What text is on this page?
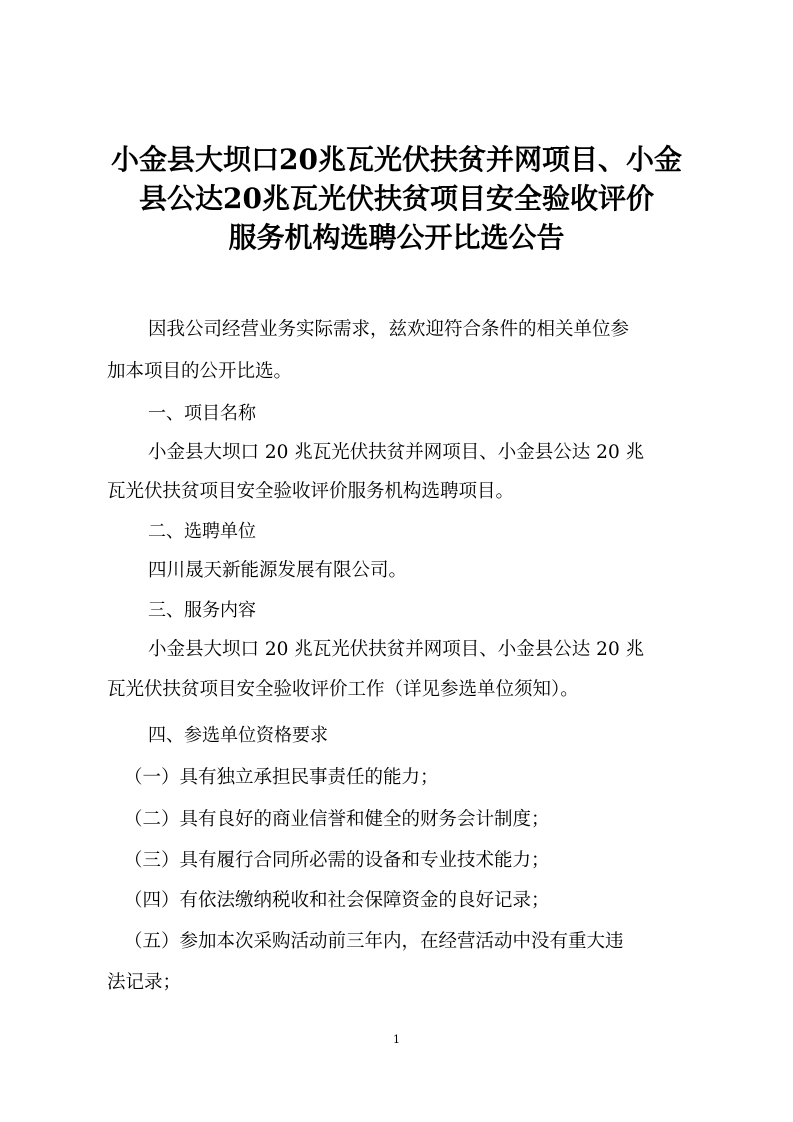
小金县大坝口20兆瓦光伏扶贫并网项目、小金
县公达20兆瓦光伏扶贫项目安全验收评价
服务机构选聘公开比选公告
因我公司经营业务实际需求，兹欢迎符合条件的相关单位参
加本项目的公开比选。
一、项目名称
小金县大坝口 20 兆瓦光伏扶贫并网项目、小金县公达 20 兆
瓦光伏扶贫项目安全验收评价服务机构选聘项目。
二、选聘单位
四川晟天新能源发展有限公司。
三、服务内容
小金县大坝口 20 兆瓦光伏扶贫并网项目、小金县公达 20 兆
瓦光伏扶贫项目安全验收评价工作（详见参选单位须知）。
四、参选单位资格要求
（一）具有独立承担民事责任的能力；
（二）具有良好的商业信誉和健全的财务会计制度；
（三）具有履行合同所必需的设备和专业技术能力；
（四）有依法缴纳税收和社会保障资金的良好记录；
（五）参加本次采购活动前三年内，在经营活动中没有重大违
法记录；
1
